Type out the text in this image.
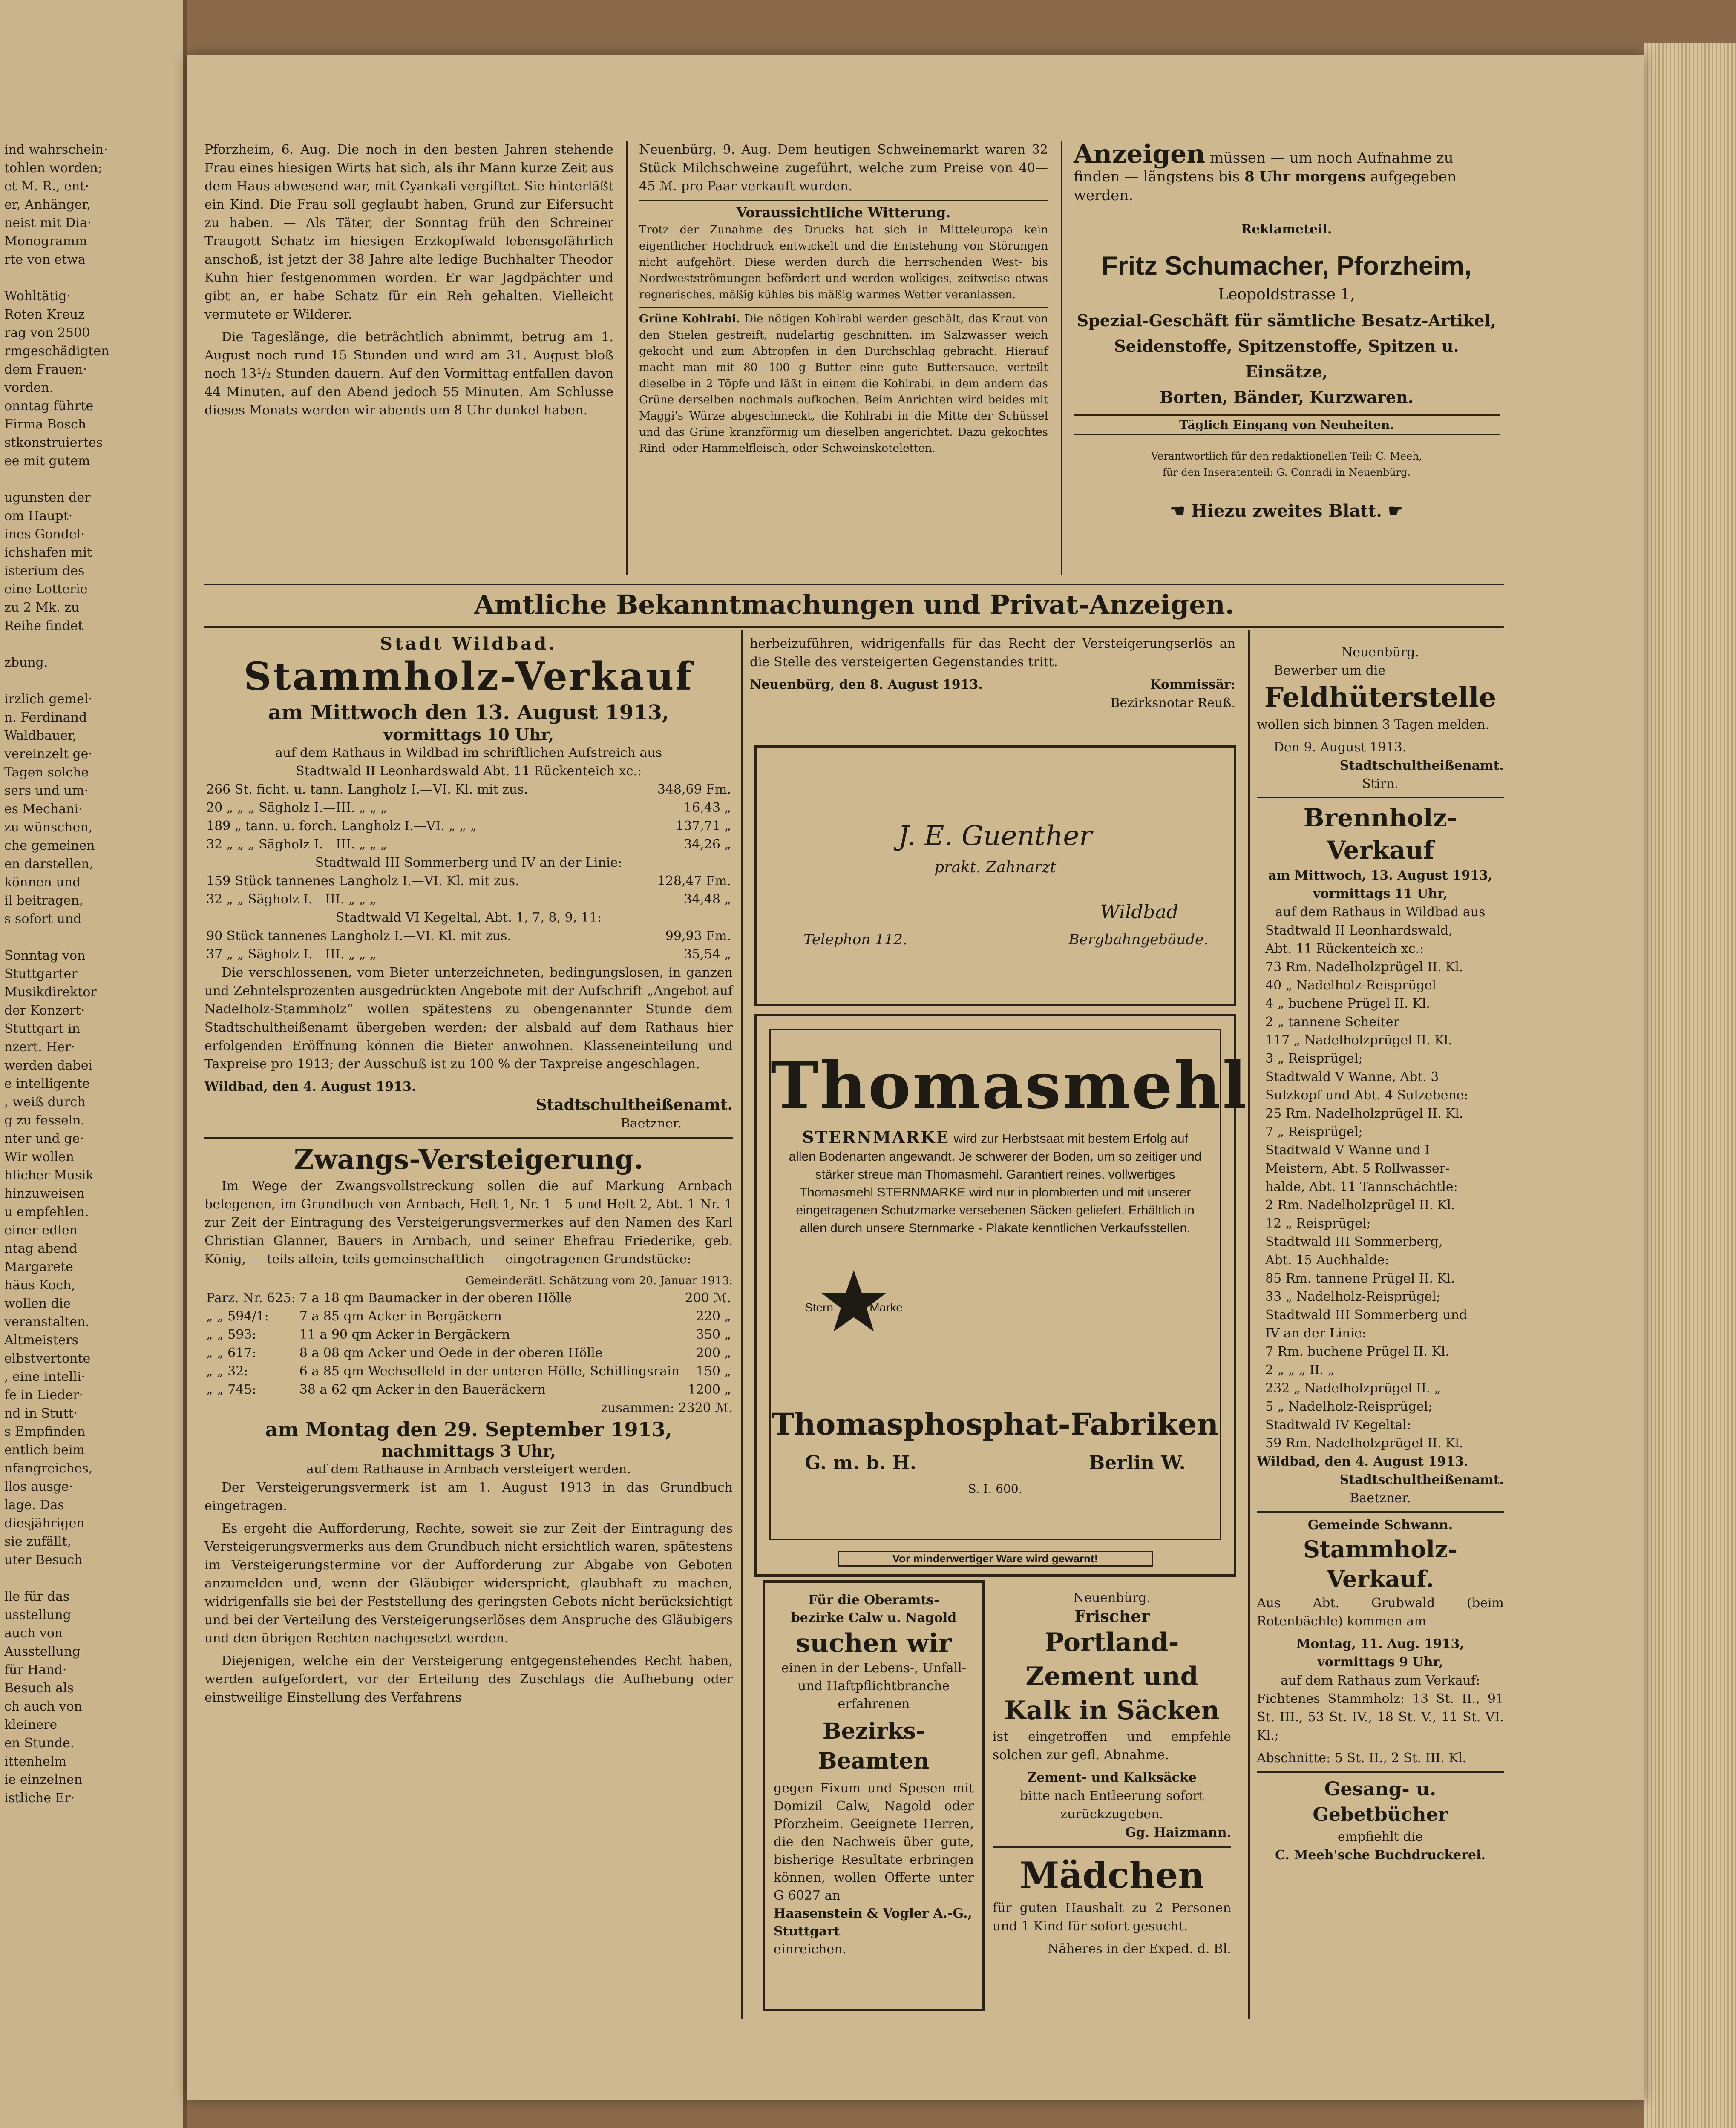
ind wahrschein·
tohlen worden;
et M. R., ent·
er, Anhänger,
neist mit Dia·
Monogramm
rte von etwa

Wohltätig·
Roten Kreuz
rag von 2500
rmgeschädigten
dem Frauen·
vorden.
onntag führte
Firma Bosch
stkonstruiertes
ee mit gutem

ugunsten der
om Haupt·
ines Gondel·
ichshafen mit
isterium des
eine Lotterie
zu 2 Mk. zu
Reihe findet

zbung.

irzlich gemel·
n. Ferdinand
Waldbauer,
vereinzelt ge·
Tagen solche
sers und um·
es Mechani·
zu wünschen,
che gemeinen
en darstellen,
können und
il beitragen,
s sofort und

Sonntag von
Stuttgarter
Musikdirektor
der Konzert·
Stuttgart in
nzert. Her·
werden dabei
e intelligente
, weiß durch
g zu fesseln.
nter und ge·
Wir wollen
hlicher Musik
hinzuweisen
u empfehlen.
einer edlen
ntag abend
Margarete
häus Koch,
wollen die
veranstalten.
Altmeisters
elbstvertonte
, eine intelli·
fe in Lieder·
nd in Stutt·
s Empfinden
entlich beim
nfangreiches,
llos ausge·
lage. Das
diesjährigen
sie zufällt,
uter Besuch

lle für das
usstellung
auch von
Ausstellung
für Hand·
Besuch als
ch auch von
kleinere
en Stunde.
ittenhelm
ie einzelnen
istliche Er·

Pforzheim, 6. Aug. Die noch in den besten Jahren stehende Frau eines hiesigen Wirts hat sich, als ihr Mann kurze Zeit aus dem Haus abwesend war, mit Cyankali vergiftet. Sie hinterläßt ein Kind. Die Frau soll geglaubt haben, Grund zur Eifersucht zu haben. — Als Täter, der Sonntag früh den Schreiner Traugott Schatz im hiesigen Erzkopfwald lebensgefährlich anschoß, ist jetzt der 38 Jahre alte ledige Buchhalter Theodor Kuhn hier festgenommen worden. Er war Jagdpächter und gibt an, er habe Schatz für ein Reh gehalten. Vielleicht vermutete er Wilderer.

Die Tageslänge, die beträchtlich abnimmt, betrug am 1. August noch rund 15 Stunden und wird am 31. August bloß noch 13¹/₂ Stunden dauern. Auf den Vormittag entfallen davon 44 Minuten, auf den Abend jedoch 55 Minuten. Am Schlusse dieses Monats werden wir abends um 8 Uhr dunkel haben.

Neuenbürg, 9. Aug. Dem heutigen Schweinemarkt waren 32 Stück Milchschweine zugeführt, welche zum Preise von 40—45 ℳ. pro Paar verkauft wurden.

Voraussichtliche Witterung.

Trotz der Zunahme des Drucks hat sich in Mitteleuropa kein eigentlicher Hochdruck entwickelt und die Entstehung von Störungen nicht aufgehört. Diese werden durch die herrschenden West- bis Nordwestströmungen befördert und werden wolkiges, zeitweise etwas regnerisches, mäßig kühles bis mäßig warmes Wetter veranlassen.

Grüne Kohlrabi. Die nötigen Kohlrabi werden geschält, das Kraut von den Stielen gestreift, nudelartig geschnitten, im Salzwasser weich gekocht und zum Abtropfen in den Durchschlag gebracht. Hierauf macht man mit 80—100 g Butter eine gute Buttersauce, verteilt dieselbe in 2 Töpfe und läßt in einem die Kohlrabi, in dem andern das Grüne derselben nochmals aufkochen. Beim Anrichten wird beides mit Maggi's Würze abgeschmeckt, die Kohlrabi in die Mitte der Schüssel und das Grüne kranzförmig um dieselben angerichtet. Dazu gekochtes Rind- oder Hammelfleisch, oder Schweinskoteletten.

Anzeigen müssen — um noch Aufnahme zu finden — längstens bis 8 Uhr morgens aufgegeben werden.
Reklameteil.
Fritz Schumacher, Pforzheim,
Leopoldstrasse 1,
Spezial-Geschäft für sämtliche Besatz-Artikel,
Seidenstoffe, Spitzenstoffe, Spitzen u. Einsätze,
Borten, Bänder, Kurzwaren.
Täglich Eingang von Neuheiten.
Verantwortlich für den redaktionellen Teil: C. Meeh,
für den Inseratenteil: G. Conradi in Neuenbürg.
☚ Hiezu zweites Blatt. ☛
Amtliche Bekanntmachungen und Privat-Anzeigen.
Stadt Wildbad.
Stammholz-Verkauf
am Mittwoch den 13. August 1913,
vormittags 10 Uhr,
auf dem Rathaus in Wildbad im schriftlichen Aufstreich aus
Stadtwald II Leonhardswald Abt. 11 Rückenteich xc.:
266 St. ficht. u. tann. Langholz I.—VI. Kl. mit zus.	348,69 Fm.
20 „ „ „ Sägholz I.—III. „ „ „	16,43 „
189 „ tann. u. forch. Langholz I.—VI. „ „ „	137,71 „
32 „ „ „ Sägholz I.—III. „ „ „	34,26 „
Stadtwald III Sommerberg und IV an der Linie:
159 Stück tannenes Langholz I.—VI. Kl. mit zus.	128,47 Fm.
32 „ „ Sägholz I.—III. „ „ „	34,48 „
Stadtwald VI Kegeltal, Abt. 1, 7, 8, 9, 11:
90 Stück tannenes Langholz I.—VI. Kl. mit zus.	99,93 Fm.
37 „ „ Sägholz I.—III. „ „ „	35,54 „

Die verschlossenen, vom Bieter unterzeichneten, bedingungslosen, in ganzen und Zehntelsprozenten ausgedrückten Angebote mit der Aufschrift „Angebot auf Nadelholz-Stammholz“ wollen spätestens zu obengenannter Stunde dem Stadtschultheißenamt übergeben werden; der alsbald auf dem Rathaus hier erfolgenden Eröffnung können die Bieter anwohnen. Klasseneinteilung und Taxpreise pro 1913; der Ausschuß ist zu 100 % der Taxpreise angeschlagen.

Wildbad, den 4. August 1913.
Stadtschultheißenamt.
Baetzner.
Zwangs-Versteigerung.

Im Wege der Zwangsvollstreckung sollen die auf Markung Arnbach belegenen, im Grundbuch von Arnbach, Heft 1, Nr. 1—5 und Heft 2, Abt. 1 Nr. 1 zur Zeit der Eintragung des Versteigerungsvermerkes auf den Namen des Karl Christian Glanner, Bauers in Arnbach, und seiner Ehefrau Friederike, geb. König, — teils allein, teils gemeinschaftlich — eingetragenen Grundstücke:

Gemeinderätl. Schätzung vom 20. Januar 1913:
Parz. Nr. 625:	7 a 18 qm Baumacker in der oberen Hölle	200 ℳ.
„ „ 594/1:	7 a 85 qm Acker in Bergäckern	220 „
„ „ 593:	11 a 90 qm Acker in Bergäckern	350 „
„ „ 617:	8 a 08 qm Acker und Oede in der oberen Hölle	200 „
„ „ 32:	6 a 85 qm Wechselfeld in der unteren Hölle, Schillingsrain	150 „
„ „ 745:	38 a 62 qm Acker in den Baueräckern	1200 „
zusammen: 2320 ℳ.
am Montag den 29. September 1913,
nachmittags 3 Uhr,
auf dem Rathause in Arnbach versteigert werden.

Der Versteigerungsvermerk ist am 1. August 1913 in das Grundbuch eingetragen.

Es ergeht die Aufforderung, Rechte, soweit sie zur Zeit der Eintragung des Versteigerungsvermerks aus dem Grundbuch nicht ersichtlich waren, spätestens im Versteigerungstermine vor der Aufforderung zur Abgabe von Geboten anzumelden und, wenn der Gläubiger widerspricht, glaubhaft zu machen, widrigenfalls sie bei der Feststellung des geringsten Gebots nicht berücksichtigt und bei der Verteilung des Versteigerungserlöses dem Anspruche des Gläubigers und den übrigen Rechten nachgesetzt werden.

Diejenigen, welche ein der Versteigerung entgegenstehendes Recht haben, werden aufgefordert, vor der Erteilung des Zuschlags die Aufhebung oder einstweilige Einstellung des Verfahrens

herbeizuführen, widrigenfalls für das Recht der Versteigerungserlös an die Stelle des versteigerten Gegenstandes tritt.

Neuenbürg, den 8. August 1913.	Kommissär:
Bezirksnotar Reuß.
J. E. Guenther
prakt. Zahnarzt
Wildbad
Telephon 112.	Bergbahngebäude.
Thomasmehl
STERNMARKE wird zur Herbstsaat mit bestem Erfolg auf allen Bodenarten angewandt. Je schwerer der Boden, um so zeitiger und stärker streue man Thomasmehl. Garantiert reines, vollwertiges Thomasmehl STERNMARKE wird nur in plombierten und mit unserer eingetragenen Schutzmarke versehenen Säcken geliefert. Erhältlich in allen durch unsere Sternmarke - Plakate kenntlichen Verkaufsstellen.
Stern	Marke
Thomasphosphat-Fabriken
G. m. b. H.	Berlin W.
S. I. 600.
Vor minderwertiger Ware wird gewarnt!
Für die Oberamts-
bezirke Calw u. Nagold
suchen wir
einen in der Lebens-, Unfall- und Haftpflichtbranche erfahrenen
Bezirks-Beamten
gegen Fixum und Spesen mit Domizil Calw, Nagold oder Pforzheim. Geeignete Herren, die den Nachweis über gute, bisherige Resultate erbringen können, wollen Offerte unter G 6027 an
Haasenstein & Vogler A.-G., Stuttgart
einreichen.
Neuenbürg.
Frischer
Portland-Zement und Kalk in Säcken

ist eingetroffen und empfehle solchen zur gefl. Abnahme.

Zement- und Kalksäcke
bitte nach Entleerung sofort zurückzugeben.
Gg. Haizmann.
Mädchen

für guten Haushalt zu 2 Personen und 1 Kind für sofort gesucht.

Näheres in der Exped. d. Bl.
Neuenbürg.
Bewerber um die
Feldhüterstelle

wollen sich binnen 3 Tagen melden.

Den 9. August 1913.
Stadtschultheißenamt.
Stirn.
Brennholz-Verkauf
am Mittwoch, 13. August 1913,
vormittags 11 Uhr,
auf dem Rathaus in Wildbad aus
Stadtwald II Leonhardswald,
Abt. 11 Rückenteich xc.:
73 Rm. Nadelholzprügel II. Kl.
40 „ Nadelholz-Reisprügel
4 „ buchene Prügel II. Kl.
2 „ tannene Scheiter
117 „ Nadelholzprügel II. Kl.
3 „ Reisprügel;
Stadtwald V Wanne, Abt. 3
Sulzkopf und Abt. 4 Sulzebene:
25 Rm. Nadelholzprügel II. Kl.
7 „ Reisprügel;
Stadtwald V Wanne und I
Meistern, Abt. 5 Rollwasser-
halde, Abt. 11 Tannschächtle:
2 Rm. Nadelholzprügel II. Kl.
12 „ Reisprügel;
Stadtwald III Sommerberg,
Abt. 15 Auchhalde:
85 Rm. tannene Prügel II. Kl.
33 „ Nadelholz-Reisprügel;
Stadtwald III Sommerberg und
IV an der Linie:
7 Rm. buchene Prügel II. Kl.
2 „ „ „ II. „
232 „ Nadelholzprügel II. „
5 „ Nadelholz-Reisprügel;
Stadtwald IV Kegeltal:
59 Rm. Nadelholzprügel II. Kl.
Wildbad, den 4. August 1913.
Stadtschultheißenamt.
Baetzner.
Gemeinde Schwann.
Stammholz-Verkauf.

Aus Abt. Grubwald (beim Rotenbächle) kommen am

Montag, 11. Aug. 1913,
vormittags 9 Uhr,
auf dem Rathaus zum Verkauf:

Fichtenes Stammholz: 13 St. II., 91 St. III., 53 St. IV., 18 St. V., 11 St. VI. Kl.;

Abschnitte: 5 St. II., 2 St. III. Kl.

Gesang- u. Gebetbücher
empfiehlt die
C. Meeh'sche Buchdruckerei.
